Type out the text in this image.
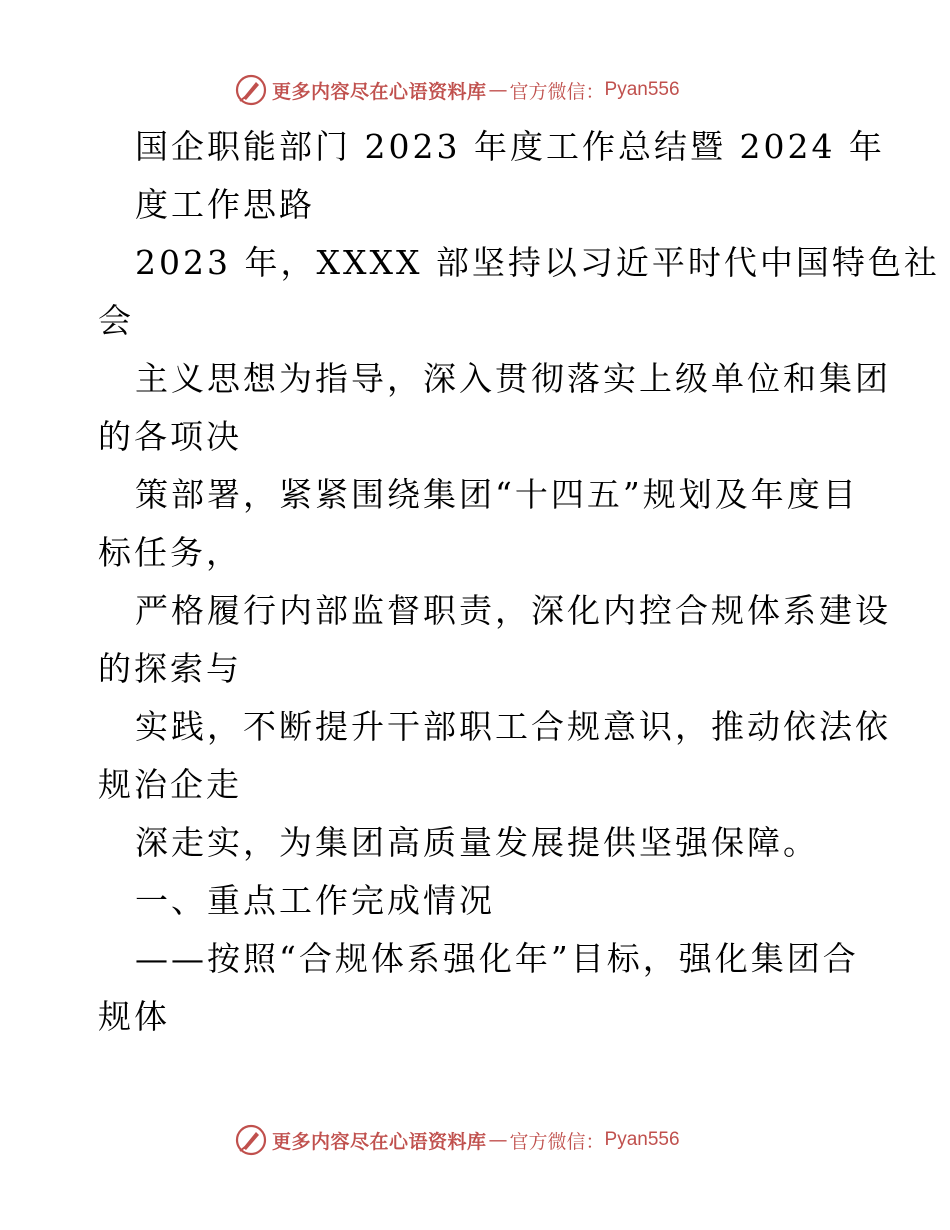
更多内容尽在心语资料库 — 官方微信： Pyan556
国企职能部门 2023 年度工作总结暨 2024 年
度工作思路
2023 年，XXXX 部坚持以习近平时代中国特色社
会
主义思想为指导，深入贯彻落实上级单位和集团
的各项决
策部署，紧紧围绕集团“十四五”规划及年度目
标任务，
严格履行内部监督职责，深化内控合规体系建设
的探索与
实践，不断提升干部职工合规意识，推动依法依
规治企走
深走实，为集团高质量发展提供坚强保障。
一、重点工作完成情况
——按照“合规体系强化年”目标，强化集团合
规体
更多内容尽在心语资料库 — 官方微信： Pyan556
